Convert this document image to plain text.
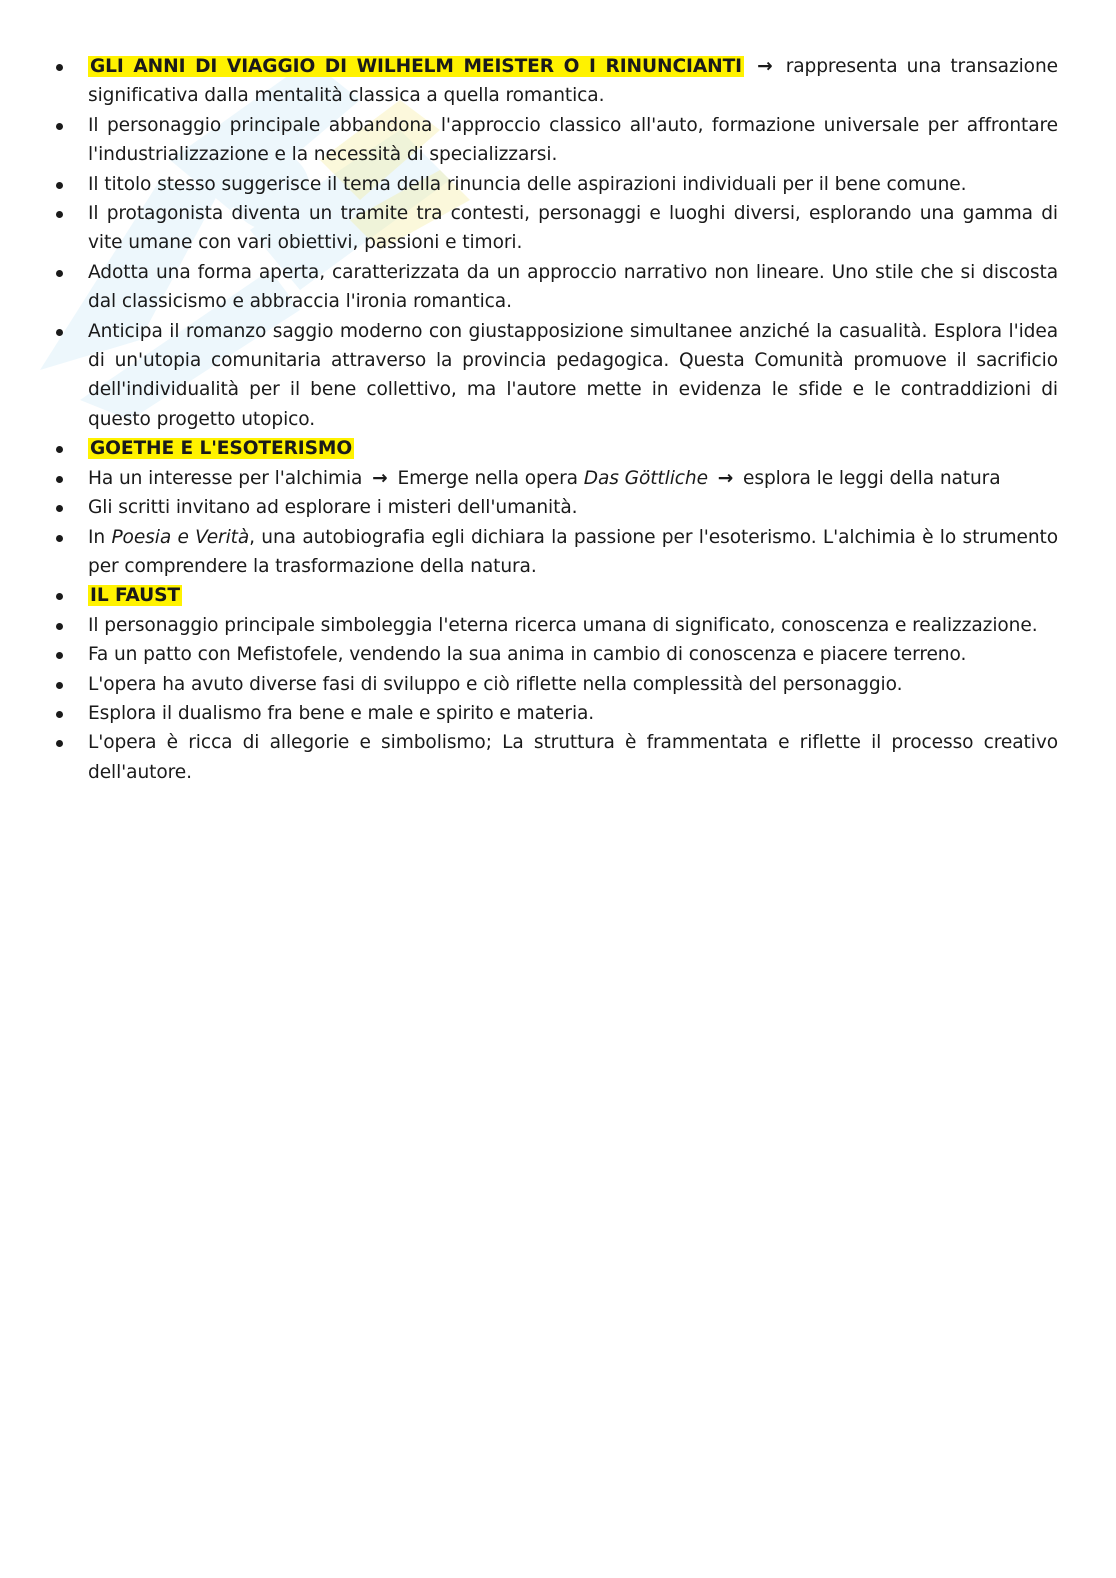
GLI ANNI DI VIAGGIO DI WILHELM MEISTER O I RINUNCIANTI → rappresenta una transazione significativa dalla mentalità classica a quella romantica.
Il personaggio principale abbandona l'approccio classico all'auto, formazione universale per affrontare l'industrializzazione e la necessità di specializzarsi.
Il titolo stesso suggerisce il tema della rinuncia delle aspirazioni individuali per il bene comune.
Il protagonista diventa un tramite tra contesti, personaggi e luoghi diversi, esplorando una gamma di vite umane con vari obiettivi, passioni e timori.
Adotta una forma aperta, caratterizzata da un approccio narrativo non lineare. Uno stile che si discosta dal classicismo e abbraccia l'ironia romantica.
Anticipa il romanzo saggio moderno con giustapposizione simultanee anziché la casualità. Esplora l'idea di un'utopia comunitaria attraverso la provincia pedagogica. Questa Comunità promuove il sacrificio dell'individualità per il bene collettivo, ma l'autore mette in evidenza le sfide e le contraddizioni di questo progetto utopico.
GOETHE E L'ESOTERISMO
Ha un interesse per l'alchimia → Emerge nella opera Das Göttliche → esplora le leggi della natura
Gli scritti invitano ad esplorare i misteri dell'umanità.
In Poesia e Verità, una autobiografia egli dichiara la passione per l'esoterismo. L'alchimia è lo strumento per comprendere la trasformazione della natura.
IL FAUST
Il personaggio principale simboleggia l'eterna ricerca umana di significato, conoscenza e realizzazione.
Fa un patto con Mefistofele, vendendo la sua anima in cambio di conoscenza e piacere terreno.
L'opera ha avuto diverse fasi di sviluppo e ciò riflette nella complessità del personaggio.
Esplora il dualismo fra bene e male e spirito e materia.
L'opera è ricca di allegorie e simbolismo; La struttura è frammentata e riflette il processo creativo dell'autore.
